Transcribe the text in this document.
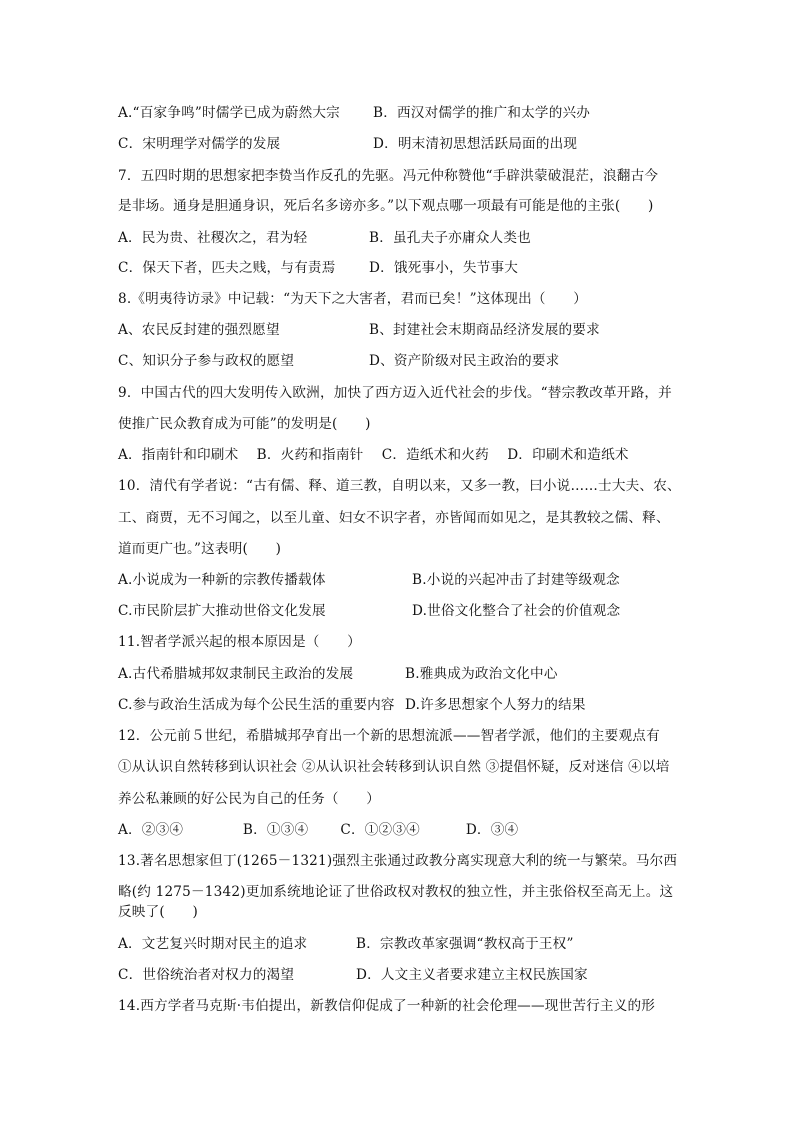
A.“百家争鸣”时儒学已成为蔚然大宗 B．西汉对儒学的推广和太学的兴办
C．宋明理学对儒学的发展	D．明末清初思想活跃局面的出现
7．五四时期的思想家把李贽当作反孔的先驱。冯元仲称赞他“手辟洪蒙破混茫，浪翻古今
是非场。通身是胆通身识，死后名多谤亦多。”以下观点哪一项最有可能是他的主张(　　)
A．民为贵、社稷次之，君为轻	B．虽孔夫子亦庸众人类也
C．保天下者，匹夫之贱，与有责焉 D．饿死事小，失节事大
8.《明夷待访录》中记载：“为天下之大害者，君而已矣！”这体现出（　　）
A、农民反封建的强烈愿望	B、封建社会末期商品经济发展的要求
C、知识分子参与政权的愿望	D、资产阶级对民主政治的要求
9．中国古代的四大发明传入欧洲，加快了西方迈入近代社会的步伐。“替宗教改革开路，并
使推广民众教育成为可能”的发明是(　　)
A．指南针和印刷术　 B．火药和指南针　 C．造纸术和火药　 D．印刷术和造纸术
10．清代有学者说：“古有儒、释、道三教，自明以来，又多一教，曰小说……士大夫、农、
工、商贾，无不习闻之，以至儿童、妇女不识字者，亦皆闻而如见之，是其教较之儒、释、
道而更广也。”这表明(　　)
A.小说成为一种新的宗教传播载体	B.小说的兴起冲击了封建等级观念
C.市民阶层扩大推动世俗文化发展	D.世俗文化整合了社会的价值观念
11.智者学派兴起的根本原因是（　　）
A.古代希腊城邦奴隶制民主政治的发展	B.雅典成为政治文化中心
C.参与政治生活成为每个公民生活的重要内容 D.许多思想家个人努力的结果
12．公元前５世纪，希腊城邦孕育出一个新的思想流派——智者学派，他们的主要观点有
①从认识自然转移到认识社会 ②从认识社会转移到认识自然 ③提倡怀疑，反对迷信 ④以培
养公私兼顾的好公民为自己的任务（　　）
A．②③④　　　 　B．①③④　　 C．①②③④　　　 D．③④
13.著名思想家但丁(1265－1321)强烈主张通过政教分离实现意大利的统一与繁荣。马尔西
略(约 1275－1342)更加系统地论证了世俗政权对教权的独立性，并主张俗权至高无上。这
反映了(　　)
A．文艺复兴时期对民主的追求	B．宗教改革家强调“教权高于王权”
C．世俗统治者对权力的渴望	D．人文主义者要求建立主权民族国家
14.西方学者马克斯·韦伯提出，新教信仰促成了一种新的社会伦理——现世苦行主义的形
